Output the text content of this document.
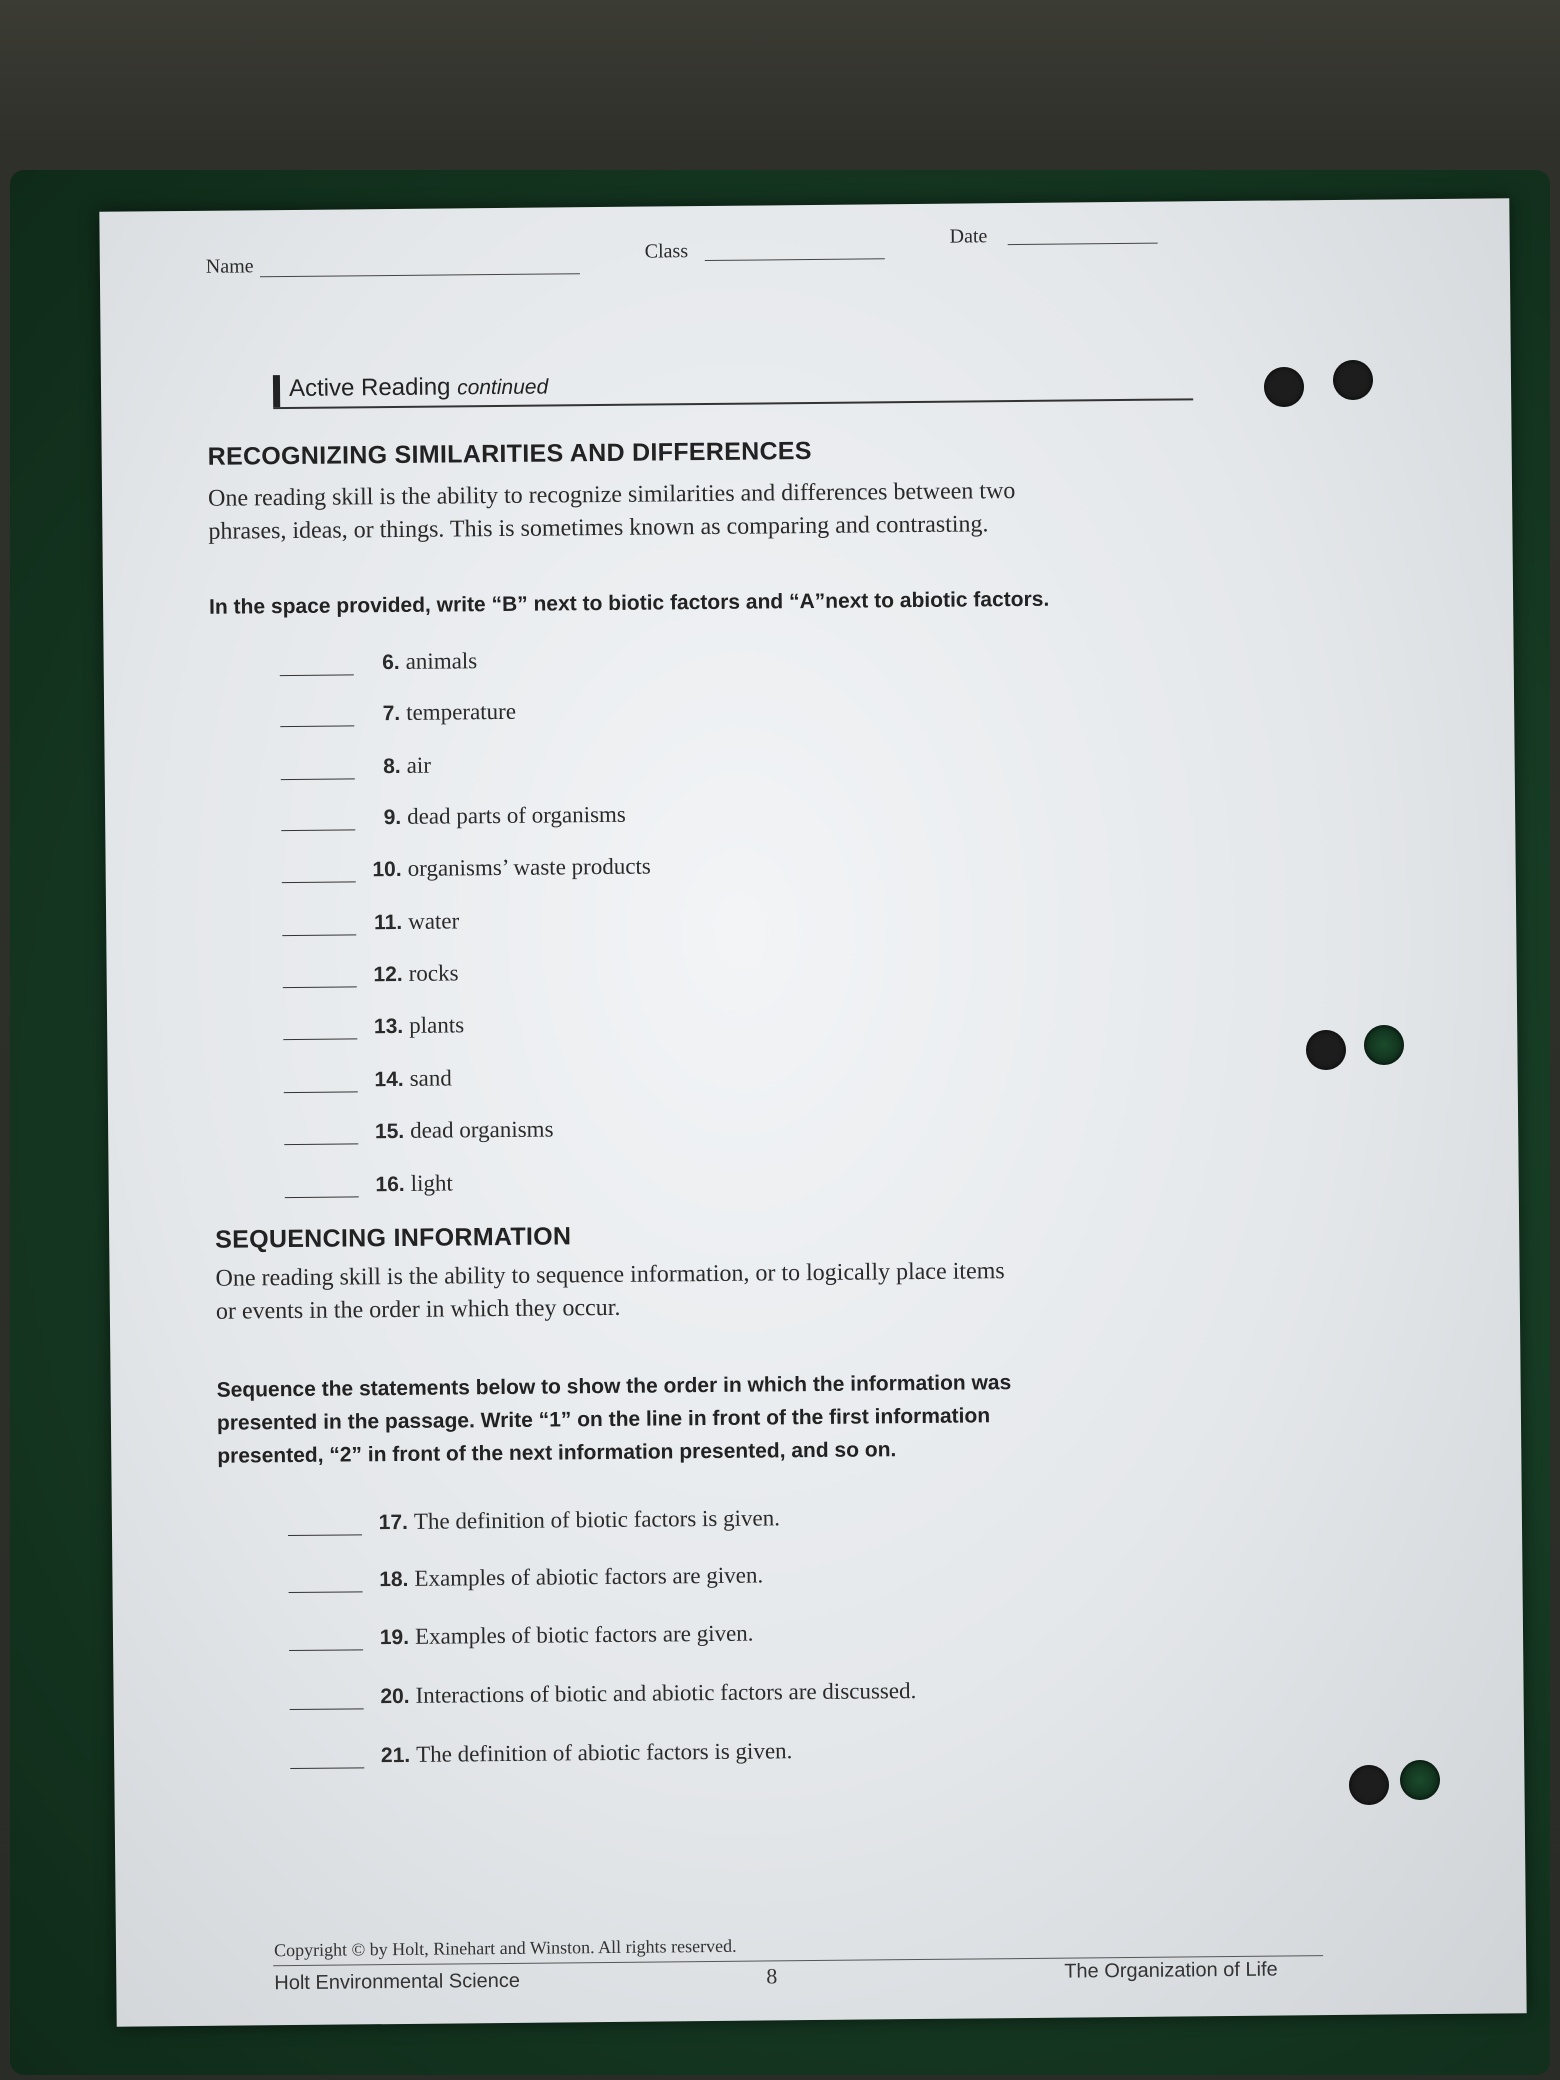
Name
Class
Date
Active Reading continued
RECOGNIZING SIMILARITIES AND DIFFERENCES
One reading skill is the ability to recognize similarities and differences between two
phrases, ideas, or things. This is sometimes known as comparing and contrasting.
In the space provided, write “B” next to biotic factors and “A”next to abiotic factors.
6. animals
7. temperature
8. air
9. dead parts of organisms
10. organisms’ waste products
11. water
12. rocks
13. plants
14. sand
15. dead organisms
16. light
SEQUENCING INFORMATION
One reading skill is the ability to sequence information, or to logically place items
or events in the order in which they occur.
Sequence the statements below to show the order in which the information was
presented in the passage. Write “1” on the line in front of the first information
presented, “2” in front of the next information presented, and so on.
17. The definition of biotic factors is given.
18. Examples of abiotic factors are given.
19. Examples of biotic factors are given.
20. Interactions of biotic and abiotic factors are discussed.
21. The definition of abiotic factors is given.
Copyright © by Holt, Rinehart and Winston. All rights reserved.
Holt Environmental Science	8	The Organization of Life
